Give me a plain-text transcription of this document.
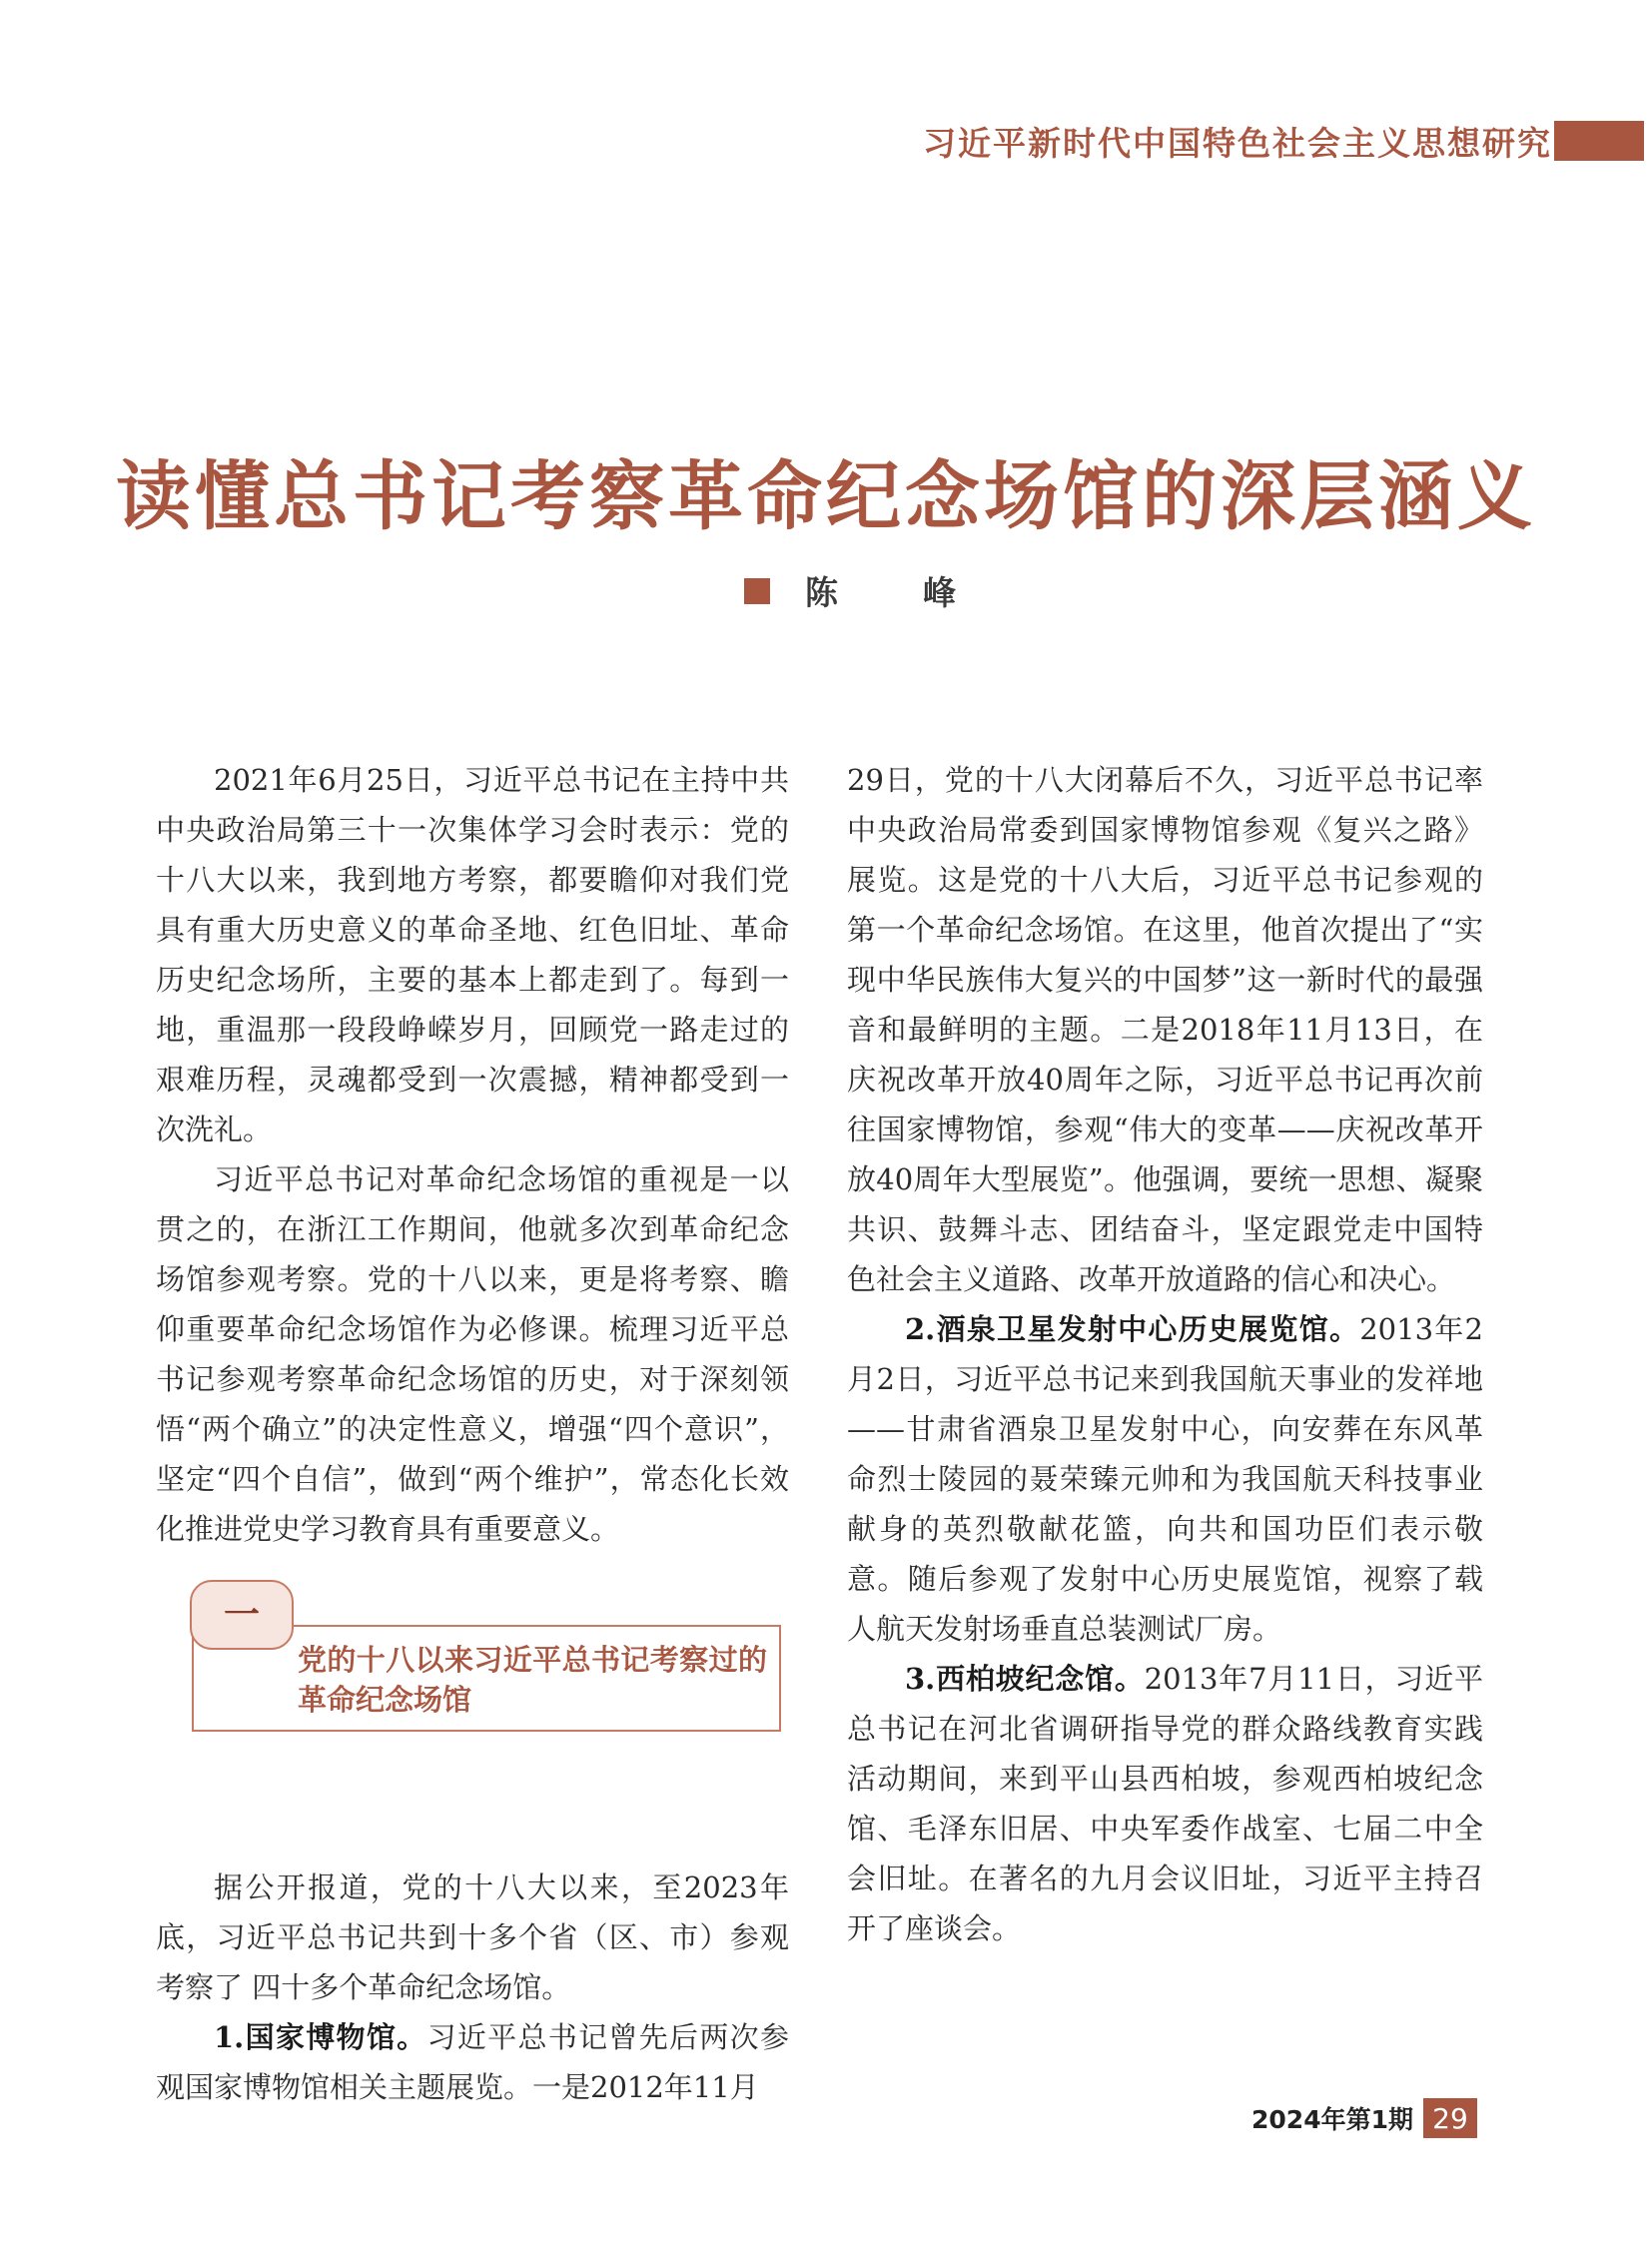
习近平新时代中国特色社会主义思想研究
读懂总书记考察革命纪念场馆的深层涵义
陈　峰

2021年6月25日，习近平总书记在主持中共中央政治局第三十一次集体学习会时表示：党的十八大以来，我到地方考察，都要瞻仰对我们党具有重大历史意义的革命圣地、红色旧址、革命历史纪念场所，主要的基本上都走到了。每到一地，重温那一段段峥嵘岁月，回顾党一路走过的艰难历程，灵魂都受到一次震撼，精神都受到一次洗礼。

习近平总书记对革命纪念场馆的重视是一以贯之的，在浙江工作期间，他就多次到革命纪念场馆参观考察。党的十八以来，更是将考察、瞻仰重要革命纪念场馆作为必修课。梳理习近平总书记参观考察革命纪念场馆的历史，对于深刻领悟“两个确立”的决定性意义，增强“四个意识”，坚定“四个自信”，做到“两个维护”，常态化长效化推进党史学习教育具有重要意义。

一
党的十八以来习近平总书记考察过的革命纪念场馆

据公开报道，党的十八大以来，至2023年底，习近平总书记共到十多个省（区、市）参观考察了 四十多个革命纪念场馆。

1.国家博物馆。习近平总书记曾先后两次参观国家博物馆相关主题展览。一是2012年11月

29日，党的十八大闭幕后不久，习近平总书记率中央政治局常委到国家博物馆参观《复兴之路》展览。这是党的十八大后，习近平总书记参观的第一个革命纪念场馆。在这里，他首次提出了“实现中华民族伟大复兴的中国梦”这一新时代的最强音和最鲜明的主题。二是2018年11月13日，在庆祝改革开放40周年之际，习近平总书记再次前往国家博物馆，参观“伟大的变革——庆祝改革开放40周年大型展览”。他强调，要统一思想、凝聚共识、鼓舞斗志、团结奋斗，坚定跟党走中国特色社会主义道路、改革开放道路的信心和决心。

2.酒泉卫星发射中心历史展览馆。2013年2月2日，习近平总书记来到我国航天事业的发祥地——甘肃省酒泉卫星发射中心，向安葬在东风革命烈士陵园的聂荣臻元帅和为我国航天科技事业献身的英烈敬献花篮，向共和国功臣们表示敬意。随后参观了发射中心历史展览馆，视察了载人航天发射场垂直总装测试厂房。

3.西柏坡纪念馆。2013年7月11日，习近平总书记在河北省调研指导党的群众路线教育实践活动期间，来到平山县西柏坡，参观西柏坡纪念馆、毛泽东旧居、中央军委作战室、七届二中全会旧址。在著名的九月会议旧址，习近平主持召开了座谈会。

2024年第1期 29
